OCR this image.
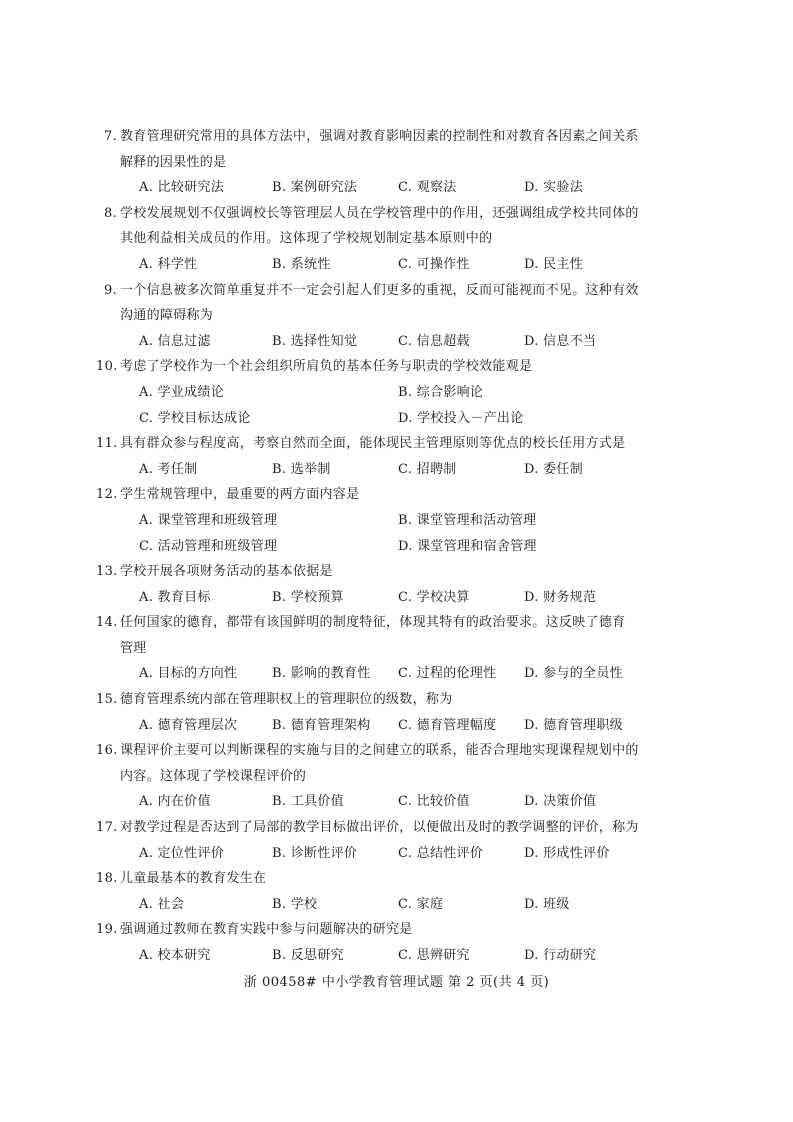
7. 教育管理研究常用的具体方法中，强调对教育影响因素的控制性和对教育各因素之间关系
解释的因果性的是
A. 比较研究法	B. 案例研究法	C. 观察法	D. 实验法
8. 学校发展规划不仅强调校长等管理层人员在学校管理中的作用，还强调组成学校共同体的
其他利益相关成员的作用。这体现了学校规划制定基本原则中的
A. 科学性	B. 系统性	C. 可操作性	D. 民主性
9. 一个信息被多次简单重复并不一定会引起人们更多的重视，反而可能视而不见。这种有效
沟通的障碍称为
A. 信息过滤	B. 选择性知觉	C. 信息超载	D. 信息不当
10. 考虑了学校作为一个社会组织所肩负的基本任务与职责的学校效能观是
A. 学业成绩论	B. 综合影响论
C. 学校目标达成论	D. 学校投入－产出论
11. 具有群众参与程度高，考察自然而全面，能体现民主管理原则等优点的校长任用方式是
A. 考任制	B. 选举制	C. 招聘制	D. 委任制
12. 学生常规管理中，最重要的两方面内容是
A. 课堂管理和班级管理	B. 课堂管理和活动管理
C. 活动管理和班级管理	D. 课堂管理和宿舍管理
13. 学校开展各项财务活动的基本依据是
A. 教育目标	B. 学校预算	C. 学校决算	D. 财务规范
14. 任何国家的德育，都带有该国鲜明的制度特征，体现其特有的政治要求。这反映了德育
管理
A. 目标的方向性	B. 影响的教育性 C. 过程的伦理性 D. 参与的全员性
15. 德育管理系统内部在管理职权上的管理职位的级数，称为
A. 德育管理层次	B. 德育管理架构 C. 德育管理幅度 D. 德育管理职级
16. 课程评价主要可以判断课程的实施与目的之间建立的联系，能否合理地实现课程规划中的
内容。这体现了学校课程评价的
A. 内在价值	B. 工具价值	C. 比较价值	D. 决策价值
17. 对教学过程是否达到了局部的教学目标做出评价，以便做出及时的教学调整的评价，称为
A. 定位性评价	B. 诊断性评价	C. 总结性评价	D. 形成性评价
18. 儿童最基本的教育发生在
A. 社会	B. 学校	C. 家庭	D. 班级
19. 强调通过教师在教育实践中参与问题解决的研究是
A. 校本研究	B. 反思研究	C. 思辨研究	D. 行动研究
浙 00458# 中小学教育管理试题 第 2 页(共 4 页)
